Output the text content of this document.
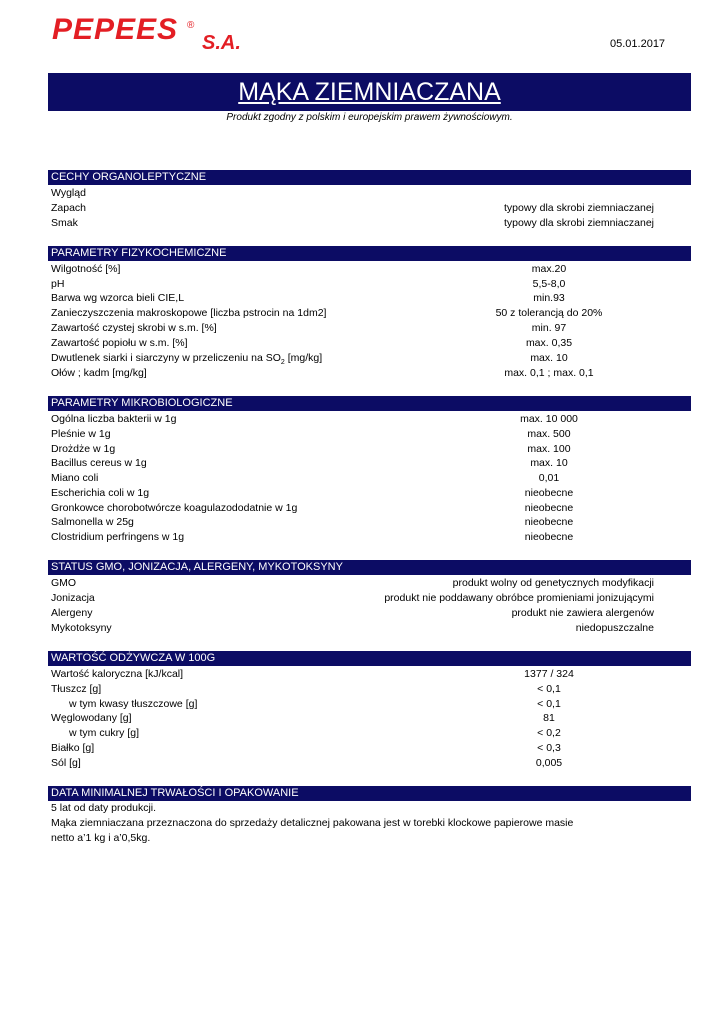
PEPEES ®
S.A.	05.01.2017
MĄKA ZIEMNIACZANA
Produkt zgodny z polskim i europejskim prawem żywnościowym.
CECHY ORGANOLEPTYCZNE
Wygląd
Zapach	typowy dla skrobi ziemniaczanej
Smak	typowy dla skrobi ziemniaczanej
PARAMETRY FIZYKOCHEMICZNE
Wilgotność [%]	max.20
pH	5,5-8,0
Barwa wg wzorca bieli CIE,L	min.93
Zanieczyszczenia makroskopowe [liczba pstrocin na 1dm2]	50 z tolerancją do 20%
Zawartość czystej skrobi w s.m. [%]	min. 97
Zawartość popiołu w s.m. [%]	max. 0,35
Dwutlenek siarki i siarczyny w przeliczeniu na $SO_2$ [mg/kg]	max. 10
Ołów ; kadm [mg/kg]	max. 0,1 ; max. 0,1
PARAMETRY MIKROBIOLOGICZNE
Ogólna liczba bakterii w 1g	max. 10 000
Pleśnie w 1g	max. 500
Drożdże w 1g	max. 100
Bacillus cereus w 1g	max. 10
Miano coli	0,01
Escherichia coli w 1g	nieobecne
Gronkowce chorobotwórcze koagulazododatnie w 1g	nieobecne
Salmonella w 25g	nieobecne
Clostridium perfringens w 1g	nieobecne
STATUS GMO, JONIZACJA, ALERGENY, MYKOTOKSYNY
GMO	produkt wolny od genetycznych modyfikacji
Jonizacja	produkt nie poddawany obróbce promieniami jonizującymi
Alergeny	produkt nie zawiera alergenów
Mykotoksyny	niedopuszczalne
WARTOŚĆ ODŻYWCZA W 100G
Wartość kaloryczna [kJ/kcal]	1377 / 324
Tłuszcz [g]	< 0,1
w tym kwasy tłuszczowe [g]	< 0,1
Węglowodany [g]	81
w tym cukry [g]	< 0,2
Białko [g]	< 0,3
Sól [g]	0,005
DATA MINIMALNEJ TRWAŁOŚCI I OPAKOWANIE
5 lat od daty produkcji.
Mąka ziemniaczana przeznaczona do sprzedaży detalicznej pakowana jest w torebki klockowe papierowe masie
netto a’1 kg i a’0,5kg.
